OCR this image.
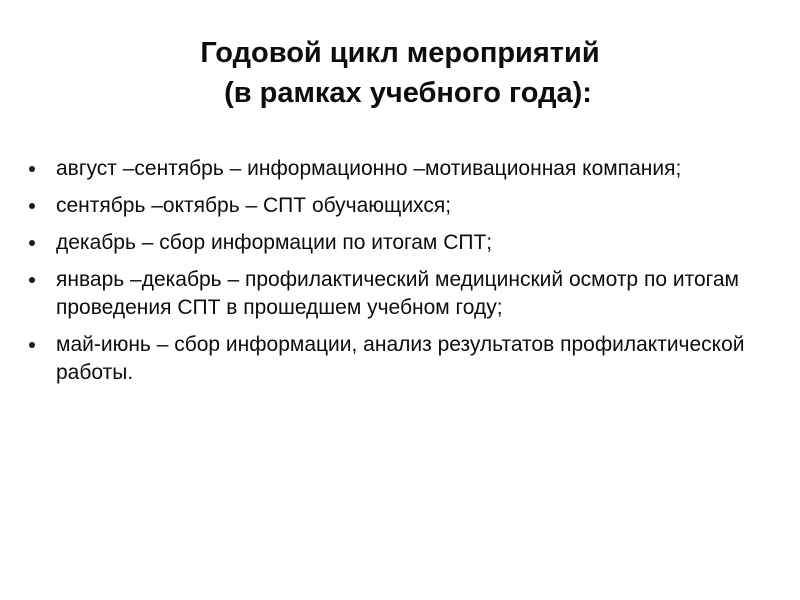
Годовой цикл мероприятий
(в рамках учебного года):
август –сентябрь – информационно –мотивационная компания;
сентябрь –октябрь – СПТ обучающихся;
декабрь – сбор информации по итогам СПТ;
январь –декабрь – профилактический медицинский осмотр по итогам проведения СПТ в прошедшем учебном году;
май-июнь – сбор информации, анализ результатов профилактической работы.
